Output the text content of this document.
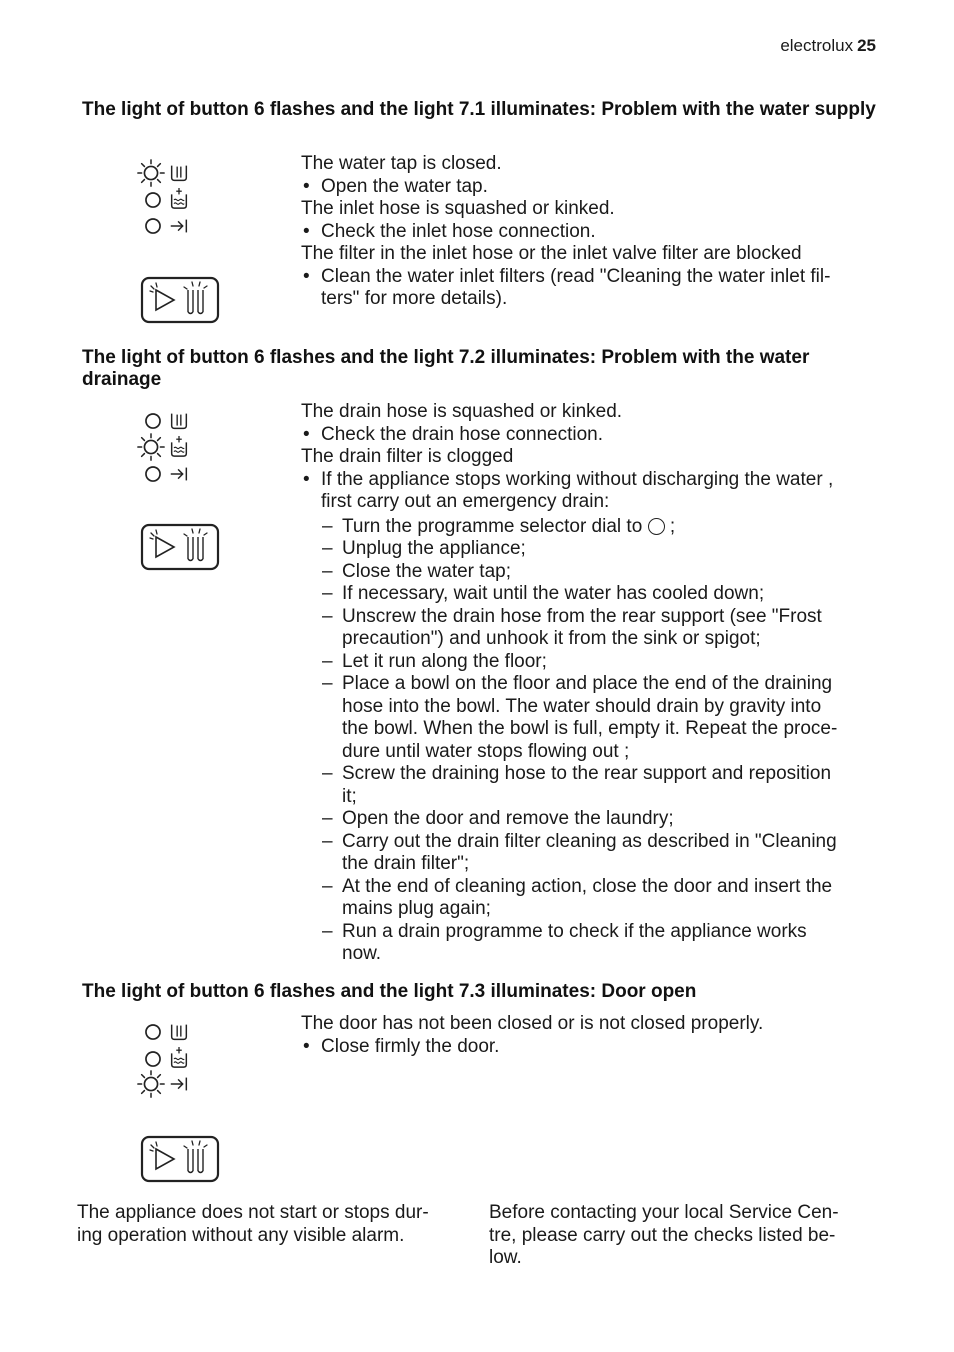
electrolux 25
The light of button 6 flashes and the light 7.1 illuminates: Problem with the water supply
The water tap is closed.
• Open the water tap.
The inlet hose is squashed or kinked.
• Check the inlet hose connection.
The filter in the inlet hose or the inlet valve filter are blocked
• Clean the water inlet filters (read "Cleaning the water inlet fil-
ters" for more details).
The light of button 6 flashes and the light 7.2 illuminates: Problem with the water drainage
The drain hose is squashed or kinked.
• Check the drain hose connection.
The drain filter is clogged
• If the appliance stops working without discharging the water ,
first carry out an emergency drain:
– Turn the programme selector dial to ;
– Unplug the appliance;
– Close the water tap;
– If necessary, wait until the water has cooled down;
– Unscrew the drain hose from the rear support (see "Frost
precaution") and unhook it from the sink or spigot;
– Let it run along the floor;
– Place a bowl on the floor and place the end of the draining
hose into the bowl. The water should drain by gravity into
the bowl. When the bowl is full, empty it. Repeat the proce-
dure until water stops flowing out ;
– Screw the draining hose to the rear support and reposition
it;
– Open the door and remove the laundry;
– Carry out the drain filter cleaning as described in "Cleaning
the drain filter";
– At the end of cleaning action, close the door and insert the
mains plug again;
– Run a drain programme to check if the appliance works
now.
The light of button 6 flashes and the light 7.3 illuminates: Door open
The door has not been closed or is not closed properly.
• Close firmly the door.
The appliance does not start or stops dur-
ing operation without any visible alarm.
Before contacting your local Service Cen-
tre, please carry out the checks listed be-
low.
